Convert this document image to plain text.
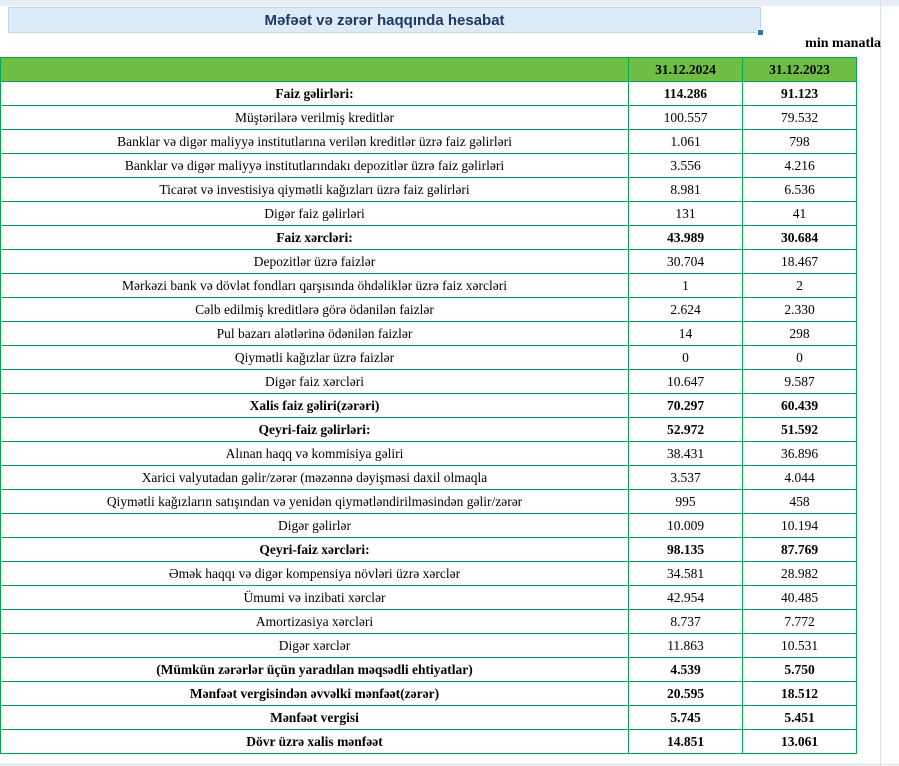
Məfəət və zərər haqqında hesabat
min manatla
	31.12.2024	31.12.2023
Faiz gəlirləri:	114.286	91.123
Müştərilərə verilmiş kreditlər	100.557	79.532
Banklar və digər maliyyə institutlarına verilən kreditlər üzrə faiz gəlirləri	1.061	798
Banklar və digər maliyyə institutlarındakı depozitlər üzrə faiz gəlirləri	3.556	4.216
Ticarət və investisiya qiymətli kağızları üzrə faiz gəlirləri	8.981	6.536
Digər faiz gəlirləri	131	41
Faiz xərcləri:	43.989	30.684
Depozitlər üzrə faizlər	30.704	18.467
Mərkəzi bank və dövlət fondları qarşısında öhdəliklər üzrə faiz xərcləri	1	2
Cəlb edilmiş kreditlərə görə ödənilən faizlər	2.624	2.330
Pul bazarı alətlərinə ödənilən faizlər	14	298
Qiymətli kağızlar üzrə faizlər	0	0
Digər faiz xərcləri	10.647	9.587
Xalis faiz gəliri(zərəri)	70.297	60.439
Qeyri-faiz gəlirləri:	52.972	51.592
Alınan haqq və kommisiya gəliri	38.431	36.896
Xarici valyutadan gəlir/zərər (məzənnə dəyişməsi daxil olmaqla	3.537	4.044
Qiymətli kağızların satışından və yenidən qiymətləndirilməsindən gəlir/zərər	995	458
Digər gəlirlər	10.009	10.194
Qeyri-faiz xərcləri:	98.135	87.769
Əmək haqqı və digər kompensiya növləri üzrə xərclər	34.581	28.982
Ümumi və inzibati xərclər	42.954	40.485
Amortizasiya xərcləri	8.737	7.772
Digər xərclər	11.863	10.531
(Mümkün zərərlər üçün yaradılan məqsədli ehtiyatlar)	4.539	5.750
Mənfəət vergisindən əvvəlki mənfəət(zərər)	20.595	18.512
Mənfəət vergisi	5.745	5.451
Dövr üzrə xalis mənfəət	14.851	13.061
